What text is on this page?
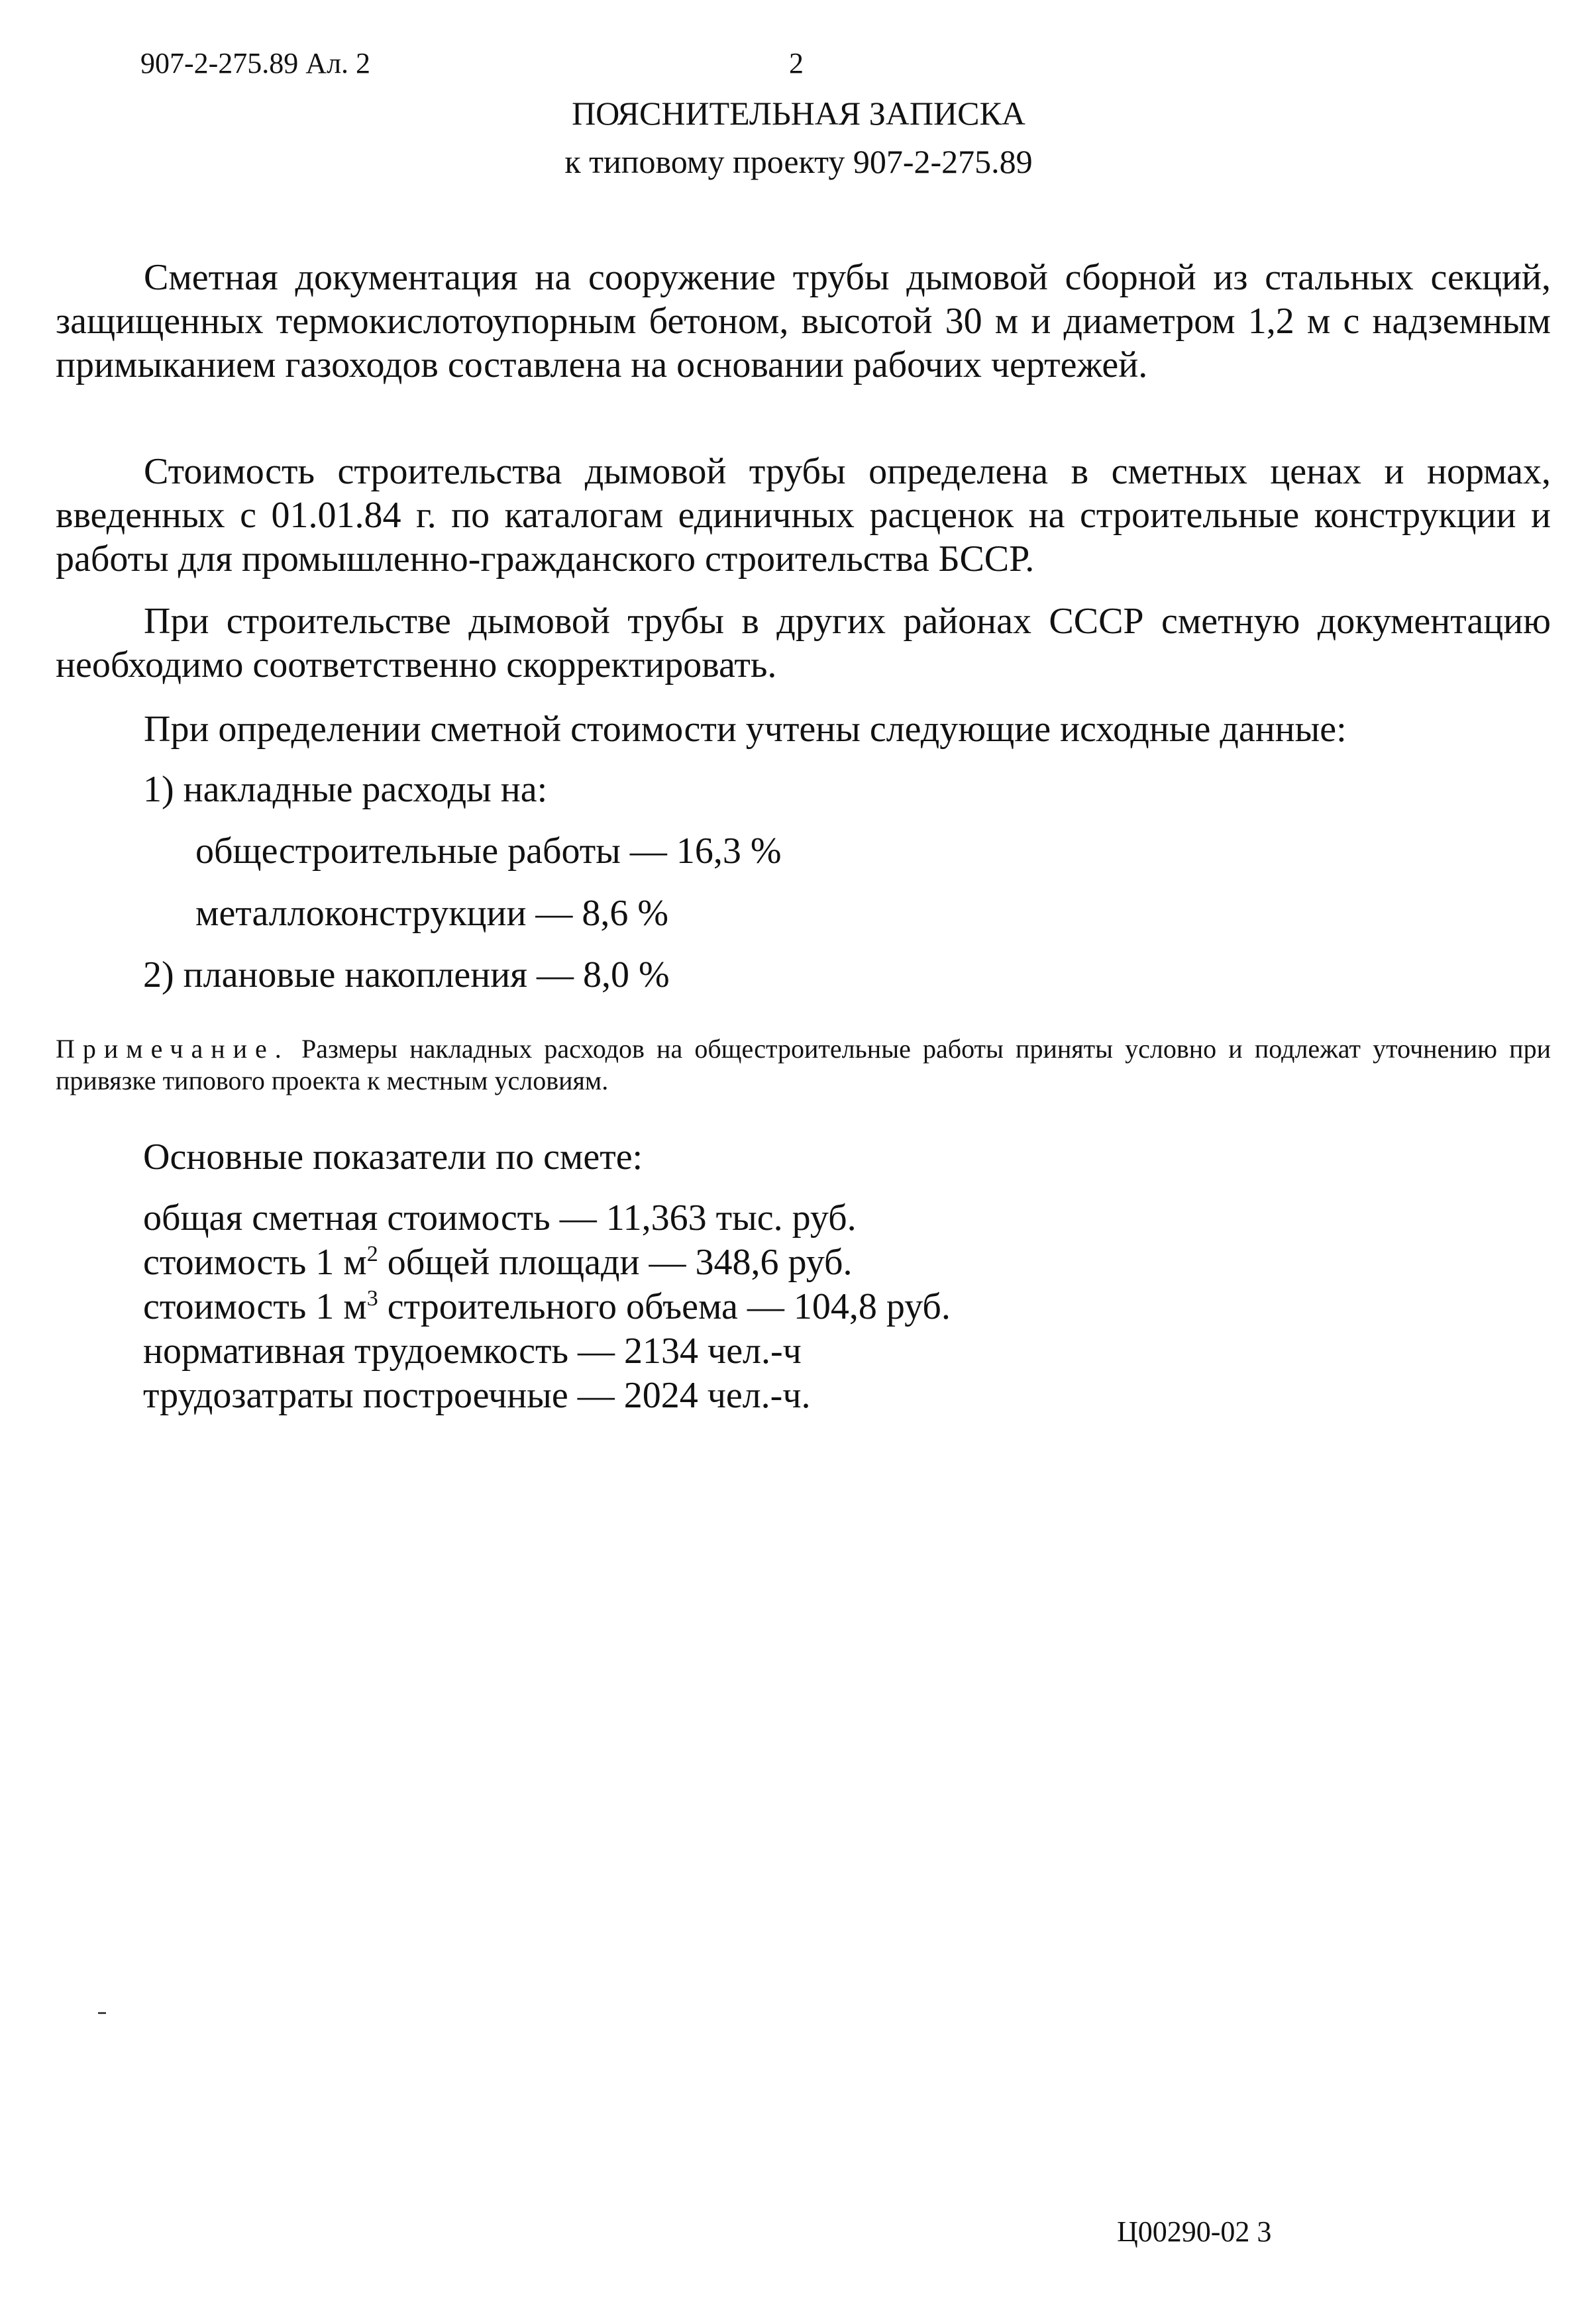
907-2-275.89 Ал. 2	2
ПОЯСНИТЕЛЬНАЯ ЗАПИСКА
к типовому проекту 907-2-275.89
Сметная документация на сооружение трубы дымовой сборной из стальных секций, защищенных термокислотоупорным бетоном, высотой 30 м и диаметром 1,2 м с надземным примыканием газоходов составлена на основании рабочих чертежей.
Стоимость строительства дымовой трубы определена в сметных ценах и нормах, введенных с 01.01.84 г. по каталогам единичных расценок на строительные конструкции и работы для промышленно-гражданского строительства БССР.
При строительстве дымовой трубы в других районах СССР сметную документацию необходимо соответственно скорректировать.
При определении сметной стоимости учтены следующие исходные данные:
1) накладные расходы на:
общестроительные работы — 16,3 %
металлоконструкции — 8,6 %
2) плановые накопления — 8,0 %
Примечание. Размеры накладных расходов на общестроительные работы приняты условно и подлежат уточнению при привязке типового проекта к местным условиям.
Основные показатели по смете:
общая сметная стоимость — 11,363 тыс. руб.
стоимость 1 $м^2$ общей площади — 348,6 руб.
стоимость 1 $м^3$ строительного объема — 104,8 руб.
нормативная трудоемкость — 2134 чел.-ч
трудозатраты построечные — 2024 чел.-ч.
Ц00290-02 3
